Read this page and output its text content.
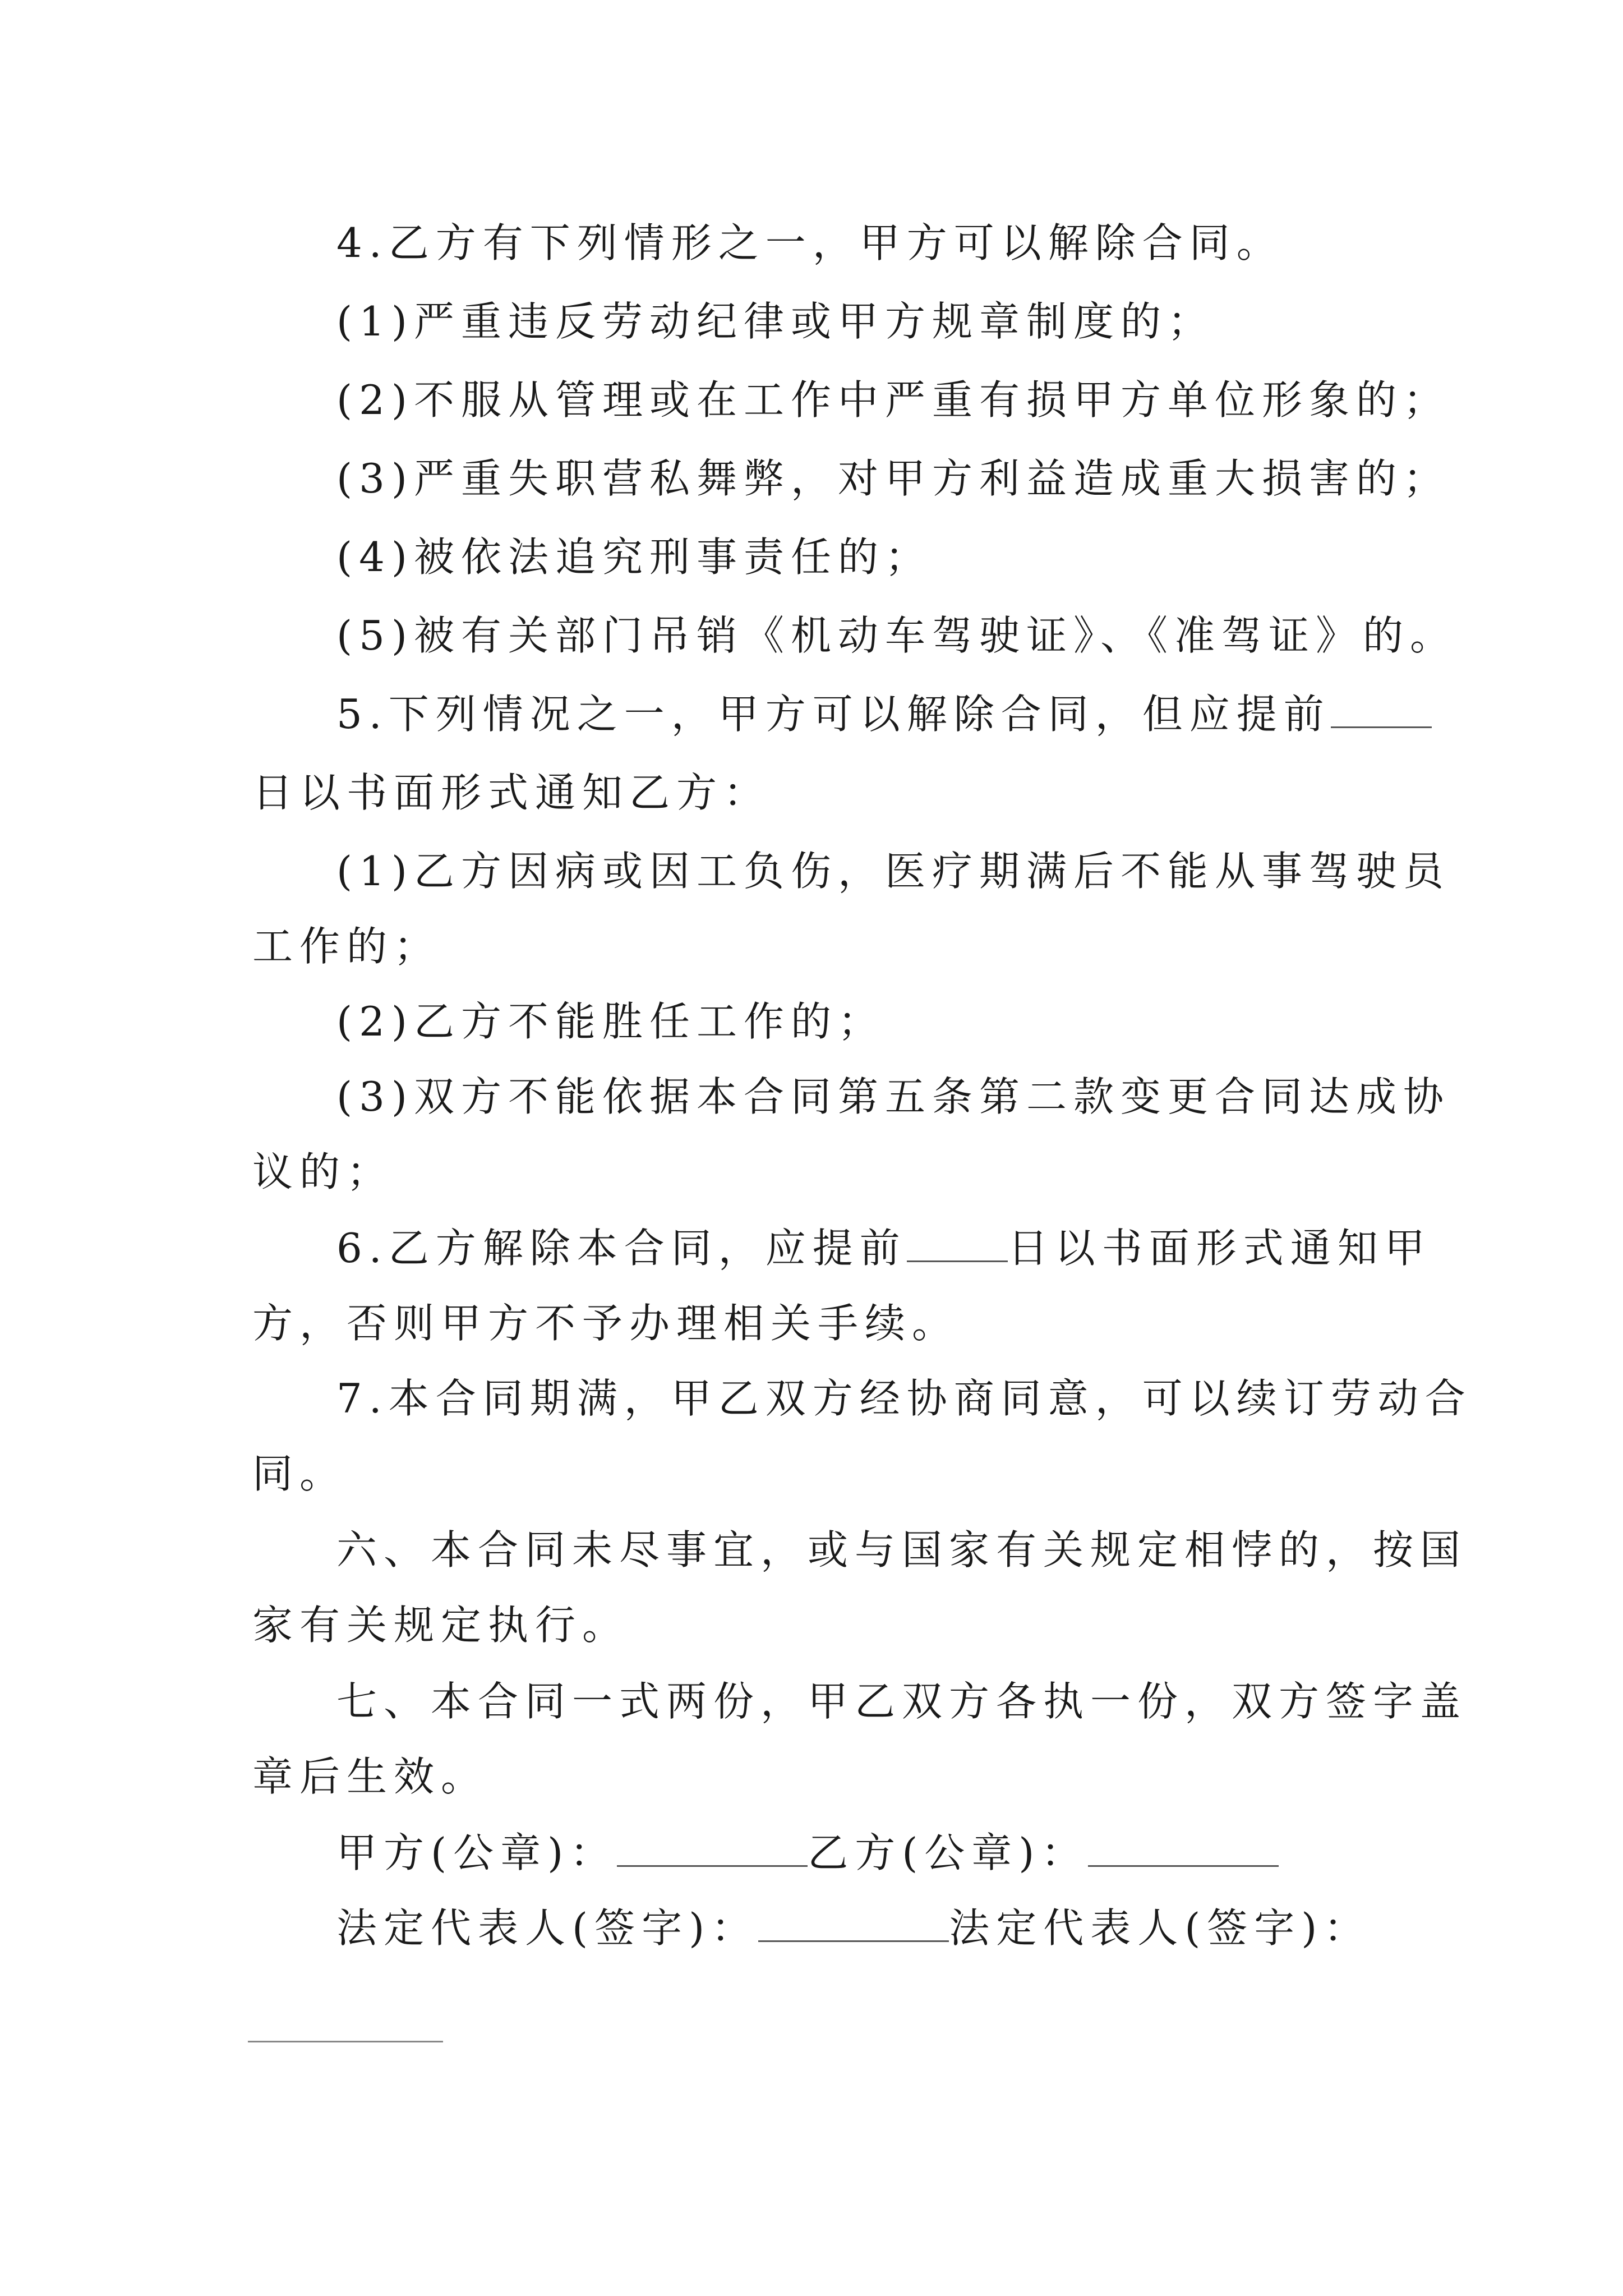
4.乙方有下列情形之一，甲方可以解除合同。
(1)严重违反劳动纪律或甲方规章制度的；
(2)不服从管理或在工作中严重有损甲方单位形象的；
(3)严重失职营私舞弊，对甲方利益造成重大损害的；
(4)被依法追究刑事责任的；
(5)被有关部门吊销《机动车驾驶证》、《准驾证》的。
5.下列情况之一，甲方可以解除合同，但应提前
日以书面形式通知乙方：
(1)乙方因病或因工负伤，医疗期满后不能从事驾驶员
工作的；
(2)乙方不能胜任工作的；
(3)双方不能依据本合同第五条第二款变更合同达成协
议的；
6.乙方解除本合同，应提前	日以书面形式通知甲
方，否则甲方不予办理相关手续。
7.本合同期满，甲乙双方经协商同意，可以续订劳动合
同。
六、本合同未尽事宜，或与国家有关规定相悖的，按国
家有关规定执行。
七、本合同一式两份，甲乙双方各执一份，双方签字盖
章后生效。
甲方(公章)：	乙方(公章)：
法定代表人(签字)：	法定代表人(签字)：
